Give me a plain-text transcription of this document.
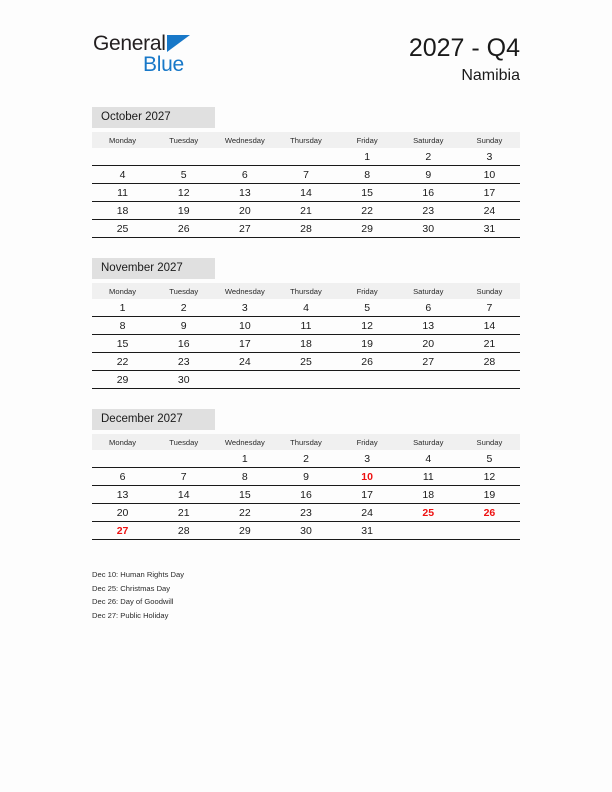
General
Blue
2027 - Q4
Namibia
October 2027
Monday	Tuesday	Wednesday	Thursday	Friday	Saturday	Sunday
				1	2	3
4	5	6	7	8	9	10
11	12	13	14	15	16	17
18	19	20	21	22	23	24
25	26	27	28	29	30	31
November 2027
Monday	Tuesday	Wednesday	Thursday	Friday	Saturday	Sunday
1	2	3	4	5	6	7
8	9	10	11	12	13	14
15	16	17	18	19	20	21
22	23	24	25	26	27	28
29	30					
December 2027
Monday	Tuesday	Wednesday	Thursday	Friday	Saturday	Sunday
		1	2	3	4	5
6	7	8	9	10	11	12
13	14	15	16	17	18	19
20	21	22	23	24	25	26
27	28	29	30	31		
Dec 10: Human Rights Day
Dec 25: Christmas Day
Dec 26: Day of Goodwill
Dec 27: Public Holiday
